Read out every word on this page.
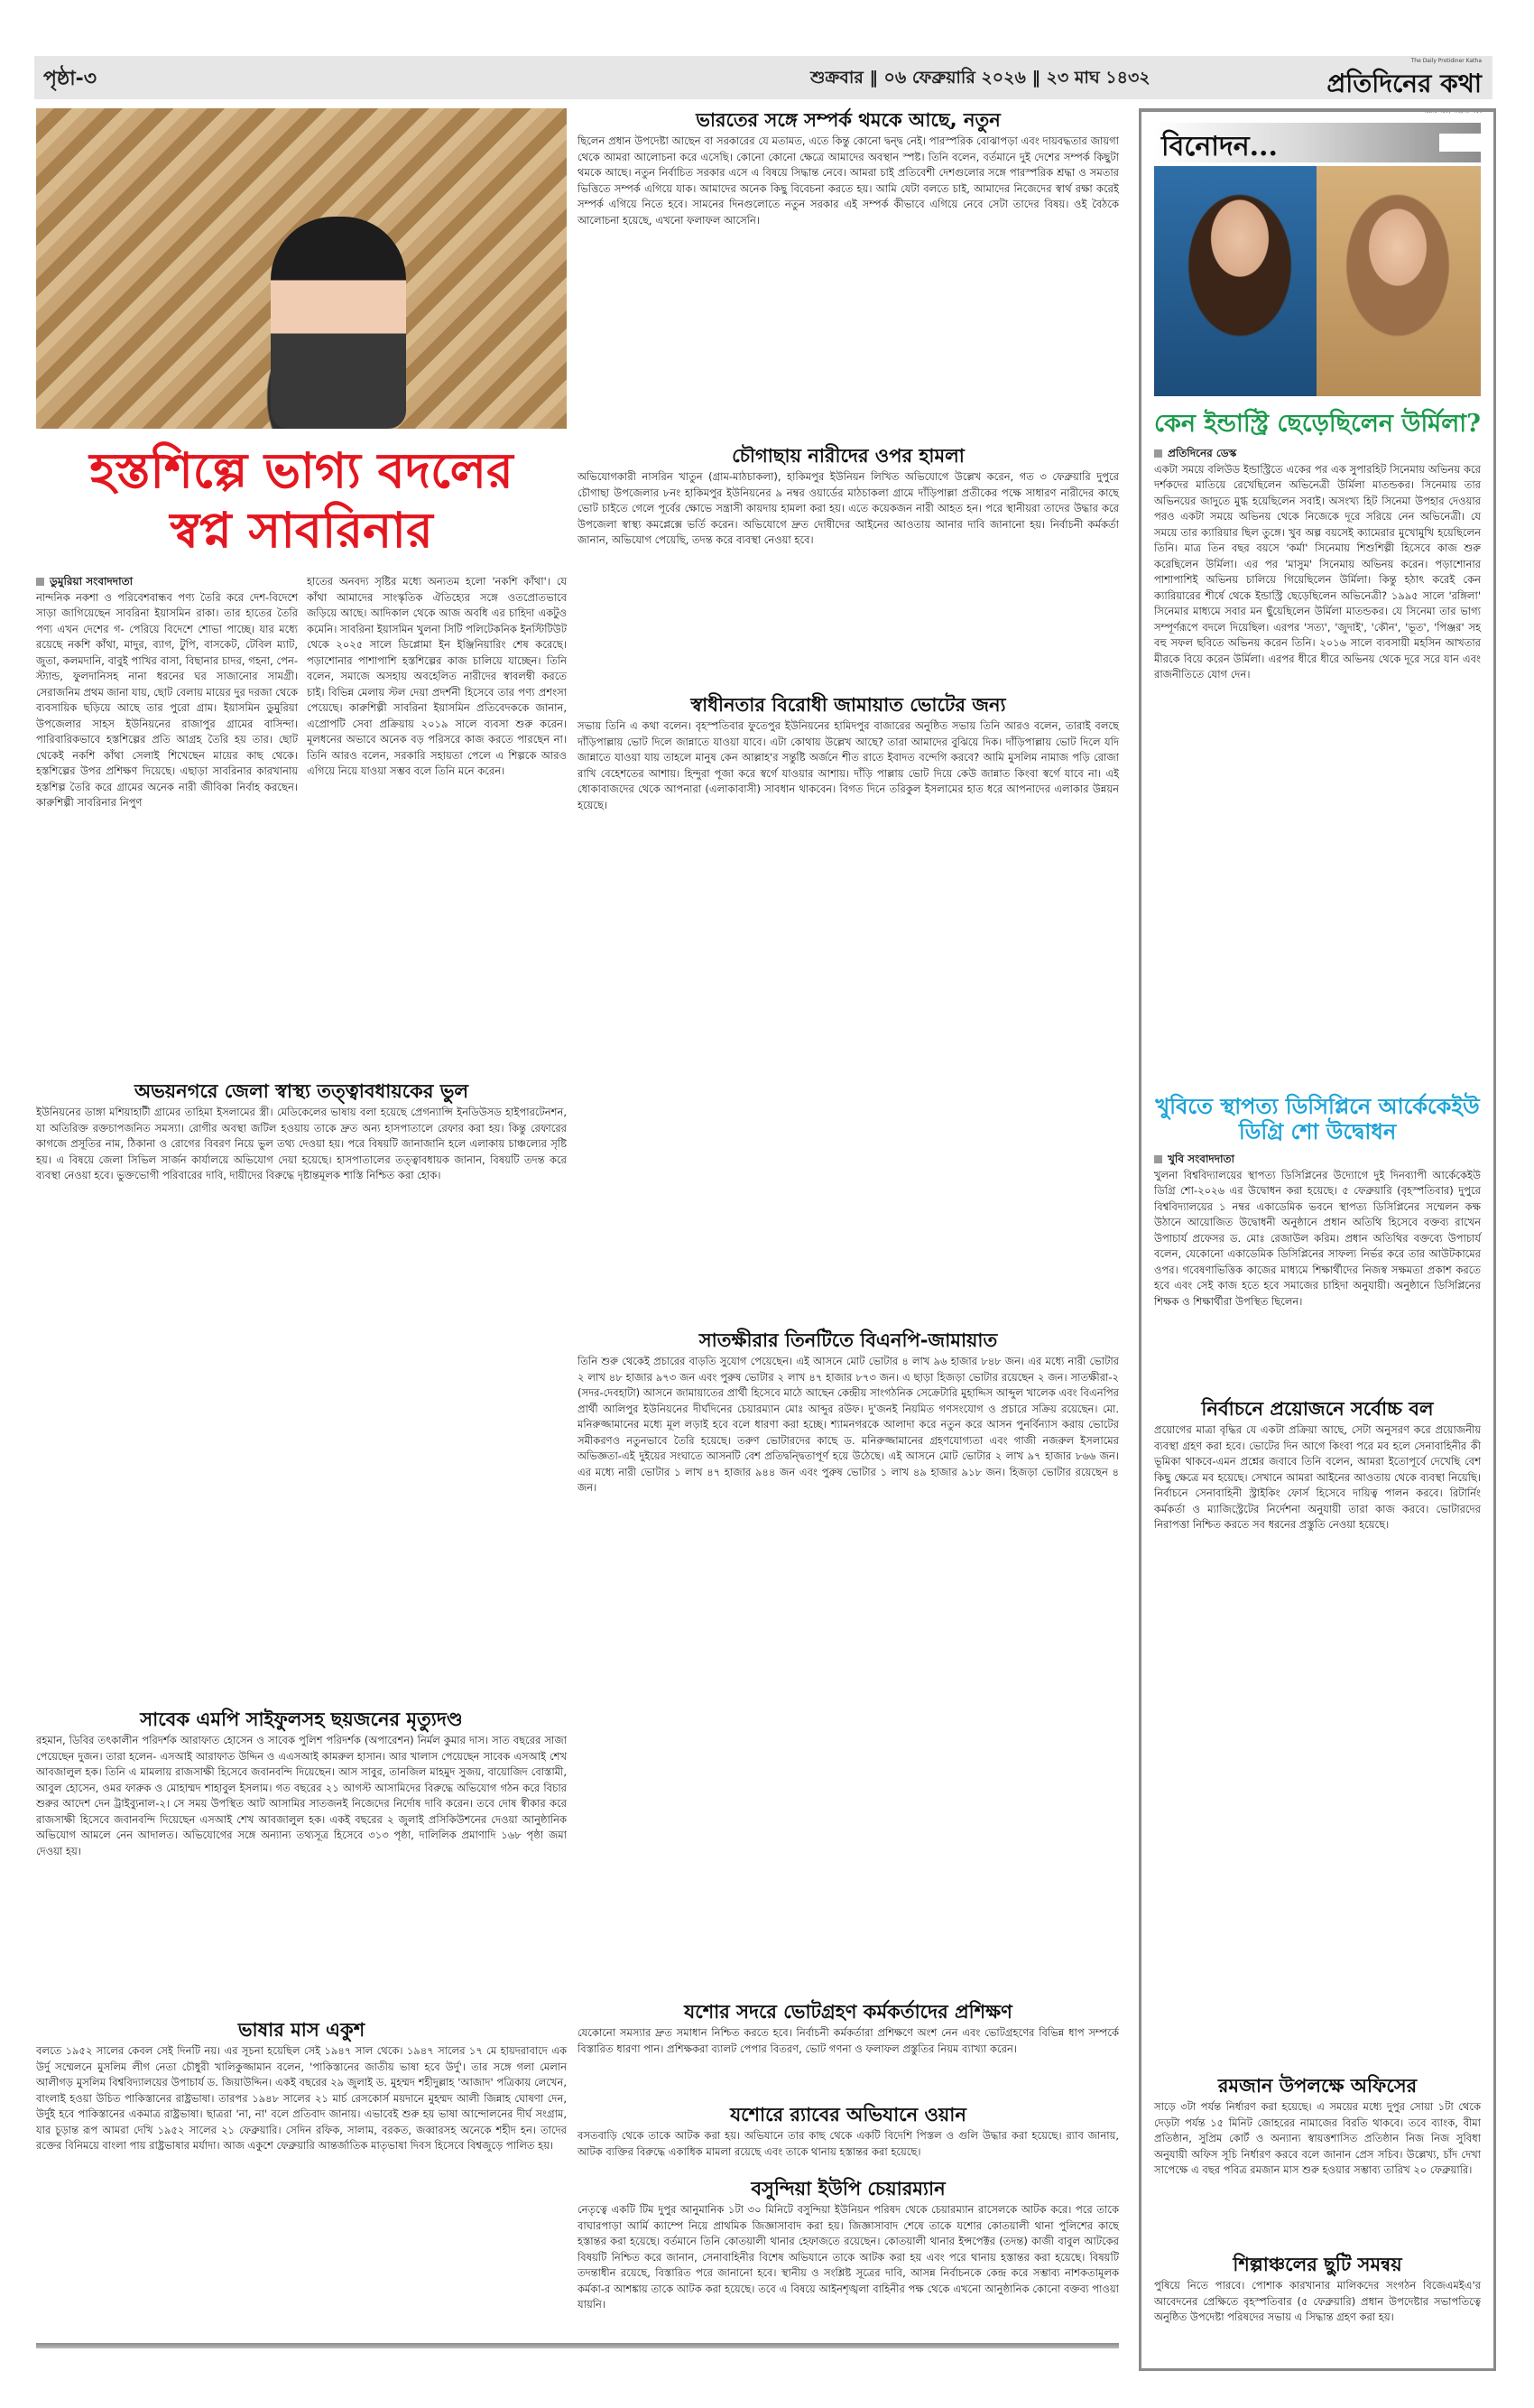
পৃষ্ঠা-৩	শুক্রবার ‖ ০৬ ফেব্রুয়ারি ২০২৬ ‖ ২৩ মাঘ ১৪৩২
The Daily Protidiner Katha
প্রতিদিনের কথা
সত্যের পক্ষে, সাহসের সাথে
হস্তশিল্পে ভাগ্য বদলের
স্বপ্ন সাবরিনার
ডুমুরিয়া সংবাদদাতা

নান্দনিক নকশা ও পরিবেশবান্ধব পণ্য তৈরি করে দেশ-বিদেশে সাড়া জাগিয়েছেন সাবরিনা ইয়াসমিন রাকা। তার হাতের তৈরি পণ্য এখন দেশের গ- পেরিয়ে বিদেশে শোভা পাচ্ছে। যার মধ্যে রয়েছে নকশি কাঁথা, মাদুর, ব্যাগ, টুপি, বাসকেট, টেবিল ম্যাট, জুতা, কলমদানি, বাবুই পাখির বাসা, বিছানার চাদর, গহনা, পেন-স্ট্যান্ড, ফুলদানিসহ নানা ধরনের ঘর সাজানোর সামগ্রী। সেরাজনিম প্রথম জানা যায়, ছোট বেলায় মায়ের দুর দরজা থেকে ব্যবসায়িক ছড়িয়ে আছে তার পুরো গ্রাম। ইয়াসমিন ডুমুরিয়া উপজেলার সাহস ইউনিয়নের রাজাপুর গ্রামের বাসিন্দা। পারিবারিকভাবে হস্তশিল্পের প্রতি আগ্রহ তৈরি হয় তার। ছোট থেকেই নকশি কাঁথা সেলাই শিখেছেন মায়ের কাছ থেকে। হস্তশিল্পের উপর প্রশিক্ষণ দিয়েছে। এছাড়া সাবরিনার কারখানায় হস্তশিল্প তৈরি করে গ্রামের অনেক নারী জীবিকা নির্বাহ করছেন। কারুশিল্পী সাবরিনার নিপুণ

হাতের অনবদ্য সৃষ্টির মধ্যে অন্যতম হলো 'নকশি কাঁথা'। যে কাঁথা আমাদের সাংস্কৃতিক ঐতিহ্যের সঙ্গে ওতপ্রোতভাবে জড়িয়ে আছে। আদিকাল থেকে আজ অবধি এর চাহিদা একটুও কমেনি। সাবরিনা ইয়াসমিন খুলনা সিটি পলিটেকনিক ইনস্টিটিউট থেকে ২০২৫ সালে ডিপ্লোমা ইন ইঞ্জিনিয়ারিং শেষ করেছে। পড়াশোনার পাশাপাশি হস্তশিল্পের কাজ চালিয়ে যাচ্ছেন। তিনি বলেন, সমাজে অসহায় অবহেলিত নারীদের স্বাবলম্বী করতে চাই। বিভিন্ন মেলায় স্টল দেয়া প্রদর্শনী হিসেবে তার পণ্য প্রশংসা পেয়েছে। কারুশিল্পী সাবরিনা ইয়াসমিন প্রতিবেদককে জানান, এপ্রোপটি সেবা প্রক্রিয়ায় ২০১৯ সালে ব্যবসা শুরু করেন। মূলধনের অভাবে অনেক বড় পরিসরে কাজ করতে পারছেন না। তিনি আরও বলেন, সরকারি সহায়তা পেলে এ শিল্পকে আরও এগিয়ে নিয়ে যাওয়া সম্ভব বলে তিনি মনে করেন।

অভয়নগরে জেলা স্বাস্থ্য তত্ত্বাবধায়কের ভুল

ইউনিয়নের ডাঙ্গা মশিয়াহাটী গ্রামের তাহিমা ইসলামের স্ত্রী। মেডিকেলের ভাষায় বলা হয়েছে প্রেগন্যান্সি ইনডিউসড হাইপারটেনশন, যা অতিরিক্ত রক্তচাপজনিত সমস্যা। রোগীর অবস্থা জটিল হওয়ায় তাকে দ্রুত অন্য হাসপাতালে রেফার করা হয়। কিন্তু রেফারের কাগজে প্রসূতির নাম, ঠিকানা ও রোগের বিবরণ নিয়ে ভুল তথ্য দেওয়া হয়। পরে বিষয়টি জানাজানি হলে এলাকায় চাঞ্চল্যের সৃষ্টি হয়। এ বিষয়ে জেলা সিভিল সার্জন কার্যালয়ে অভিযোগ দেয়া হয়েছে। হাসপাতালের তত্ত্বাবধায়ক জানান, বিষয়টি তদন্ত করে ব্যবস্থা নেওয়া হবে। ভুক্তভোগী পরিবারের দাবি, দায়ীদের বিরুদ্ধে দৃষ্টান্তমূলক শাস্তি নিশ্চিত করা হোক।

সাবেক এমপি সাইফুলসহ ছয়জনের মৃত্যুদণ্ড

রহমান, ডিবির তৎকালীন পরিদর্শক আরাফাত হোসেন ও সাবেক পুলিশ পরিদর্শক (অপারেশন) নির্মল কুমার দাস। সাত বছরের সাজা পেয়েছেন দুজন। তারা হলেন- এসআই আরাফাত উদ্দিন ও এএসআই কামরুল হাসান। আর খালাস পেয়েছেন সাবেক এসআই শেখ আবজালুল হক। তিনি এ মামলায় রাজসাক্ষী হিসেবে জবানবন্দি দিয়েছেন। আস সাবুর, তানজিল মাহমুদ সুজয়, বায়োজিদ বোস্তামী, আবুল হোসেন, ওমর ফারুক ও মোহাম্মদ শাহাবুল ইসলাম। গত বছরের ২১ আগস্ট আসামিদের বিরুদ্ধে অভিযোগ গঠন করে বিচার শুরুর আদেশ দেন ট্রাইব্যুনাল-২। সে সময় উপস্থিত আট আসামির সাতজনই নিজেদের নির্দোষ দাবি করেন। তবে দোষ স্বীকার করে রাজসাক্ষী হিসেবে জবানবন্দি দিয়েছেন এসআই শেখ আবজালুল হক। একই বছরের ২ জুলাই প্রসিকিউশনের দেওয়া আনুষ্ঠানিক অভিযোগ আমলে নেন আদালত। অভিযোগের সঙ্গে অন্যান্য তথ্যসূত্র হিসেবে ৩১৩ পৃষ্ঠা, দালিলিক প্রমাণাদি ১৬৮ পৃষ্ঠা জমা দেওয়া হয়।

ভাষার মাস একুশ

বলতে ১৯৫২ সালের কেবল সেই দিনটি নয়। এর সূচনা হয়েছিল সেই ১৯৪৭ সাল থেকে। ১৯৪৭ সালের ১৭ মে হায়দরাবাদে এক উর্দু সম্মেলনে মুসলিম লীগ নেতা চৌধুরী খালিকুজ্জামান বলেন, 'পাকিস্তানের জাতীয় ভাষা হবে উর্দু'। তার সঙ্গে গলা মেলান আলীগড় মুসলিম বিশ্ববিদ্যালয়ের উপাচার্য ড. জিয়াউদ্দিন। একই বছরের ২৯ জুলাই ড. মুহম্মদ শহীদুল্লাহ 'আজাদ' পত্রিকায় লেখেন, বাংলাই হওয়া উচিত পাকিস্তানের রাষ্ট্রভাষা। তারপর ১৯৪৮ সালের ২১ মার্চ রেসকোর্স ময়দানে মুহম্মদ আলী জিন্নাহ ঘোষণা দেন, উর্দুই হবে পাকিস্তানের একমাত্র রাষ্ট্রভাষা। ছাত্ররা 'না, না' বলে প্রতিবাদ জানায়। এভাবেই শুরু হয় ভাষা আন্দোলনের দীর্ঘ সংগ্রাম, যার চূড়ান্ত রূপ আমরা দেখি ১৯৫২ সালের ২১ ফেব্রুয়ারি। সেদিন রফিক, সালাম, বরকত, জব্বারসহ অনেকে শহীদ হন। তাদের রক্তের বিনিময়ে বাংলা পায় রাষ্ট্রভাষার মর্যাদা। আজ একুশে ফেব্রুয়ারি আন্তর্জাতিক মাতৃভাষা দিবস হিসেবে বিশ্বজুড়ে পালিত হয়।

ভারতের সঙ্গে সম্পর্ক থমকে আছে, নতুন

ছিলেন প্রধান উপদেষ্টা আছেন বা সরকারের যে মতামত, এতে কিন্তু কোনো দ্বন্দ্ব নেই। পারস্পরিক বোঝাপড়া এবং দায়বদ্ধতার জায়গা থেকে আমরা আলোচনা করে এসেছি। কোনো কোনো ক্ষেত্রে আমাদের অবস্থান স্পষ্ট। তিনি বলেন, বর্তমানে দুই দেশের সম্পর্ক কিছুটা থমকে আছে। নতুন নির্বাচিত সরকার এসে এ বিষয়ে সিদ্ধান্ত নেবে। আমরা চাই প্রতিবেশী দেশগুলোর সঙ্গে পারস্পরিক শ্রদ্ধা ও সমতার ভিত্তিতে সম্পর্ক এগিয়ে যাক। আমাদের অনেক কিছু বিবেচনা করতে হয়। আমি যেটা বলতে চাই, আমাদের নিজেদের স্বার্থ রক্ষা করেই সম্পর্ক এগিয়ে নিতে হবে। সামনের দিনগুলোতে নতুন সরকার এই সম্পর্ক কীভাবে এগিয়ে নেবে সেটা তাদের বিষয়। ওই বৈঠকে আলোচনা হয়েছে, এখনো ফলাফল আসেনি।

চৌগাছায় নারীদের ওপর হামলা

অভিযোগকারী নাসরিন খাতুন (গ্রাম-মাঠচাকলা), হাকিমপুর ইউনিয়ন লিখিত অভিযোগে উল্লেখ করেন, গত ৩ ফেব্রুয়ারি দুপুরে চৌগাছা উপজেলার ৮নং হাকিমপুর ইউনিয়নের ৯ নম্বর ওয়ার্ডের মাঠচাকলা গ্রামে দাঁড়িপাল্লা প্রতীকের পক্ষে সাধারণ নারীদের কাছে ভোট চাইতে গেলে পূর্বের ক্ষোভে সন্ত্রাসী কায়দায় হামলা করা হয়। এতে কয়েকজন নারী আহত হন। পরে স্থানীয়রা তাদের উদ্ধার করে উপজেলা স্বাস্থ্য কমপ্লেক্সে ভর্তি করেন। অভিযোগে দ্রুত দোষীদের আইনের আওতায় আনার দাবি জানানো হয়। নির্বাচনী কর্মকর্তা জানান, অভিযোগ পেয়েছি, তদন্ত করে ব্যবস্থা নেওয়া হবে।

স্বাধীনতার বিরোধী জামায়াত ভোটের জন্য

সভায় তিনি এ কথা বলেন। বৃহস্পতিবার ফুতেপুর ইউনিয়নের হামিদপুর বাজারের অনুষ্ঠিত সভায় তিনি আরও বলেন, তারাই বলছে দাঁড়িপাল্লায় ভোট দিলে জান্নাতে যাওয়া যাবে। এটা কোথায় উল্লেখ আছে? তারা আমাদের বুঝিয়ে দিক। দাঁড়িপাল্লায় ভোট দিলে যদি জান্নাতে যাওয়া যায় তাহলে মানুষ কেন আল্লাহ'র সন্তুষ্টি অর্জনে শীত রাতে ইবাদত বন্দেগি করবে? আমি মুসলিম নামাজ পড়ি রোজা রাখি বেহেশতের আশায়। হিন্দুরা পূজা করে স্বর্গে যাওয়ার আশায়। দাঁড়ি পাল্লায় ভোট দিয়ে কেউ জান্নাত কিংবা স্বর্গে যাবে না। এই ধোকাবাজদের থেকে আপনারা (এলাকাবাসী) সাবধান থাকবেন। বিগত দিনে তরিকুল ইসলামের হাত ধরে আপনাদের এলাকার উন্নয়ন হয়েছে।

সাতক্ষীরার তিনটিতে বিএনপি-জামায়াত

তিনি শুরু থেকেই প্রচারের বাড়তি সুযোগ পেয়েছেন। এই আসনে মোট ভোটার ৪ লাখ ৯৬ হাজার ৮৪৮ জন। এর মধ্যে নারী ভোটার ২ লাখ ৪৮ হাজার ৯৭৩ জন এবং পুরুষ ভোটার ২ লাখ ৪৭ হাজার ৮৭৩ জন। এ ছাড়া হিজড়া ভোটার রয়েছেন ২ জন। সাতক্ষীরা-২ (সদর-দেবহাটা) আসনে জামায়াতের প্রার্থী হিসেবে মাঠে আছেন কেন্দ্রীয় সাংগঠনিক সেক্রেটারি মুহাদ্দিস আব্দুল খালেক এবং বিএনপির প্রার্থী আলিপুর ইউনিয়নের দীর্ঘদিনের চেয়ারম্যান মোঃ আব্দুর রউফ। দু'জনই নিয়মিত গণসংযোগ ও প্রচারে সক্রিয় রয়েছেন। মো. মনিরুজ্জামানের মধ্যে মূল লড়াই হবে বলে ধারণা করা হচ্ছে। শ্যামনগরকে আলাদা করে নতুন করে আসন পুনর্বিন্যাস করায় ভোটের সমীকরণও নতুনভাবে তৈরি হয়েছে। তরুণ ভোটারদের কাছে ড. মনিরুজ্জামানের গ্রহণযোগ্যতা এবং গাজী নজরুল ইসলামের অভিজ্ঞতা-এই দুইয়ের সংঘাতে আসনটি বেশ প্রতিদ্বন্দ্বিতাপূর্ণ হয়ে উঠেছে। এই আসনে মোট ভোটার ২ লাখ ৯৭ হাজার ৮৬৬ জন। এর মধ্যে নারী ভোটার ১ লাখ ৪৭ হাজার ৯৪৪ জন এবং পুরুষ ভোটার ১ লাখ ৪৯ হাজার ৯১৮ জন। হিজড়া ভোটার রয়েছেন ৪ জন।

যশোর সদরে ভোটগ্রহণ কর্মকর্তাদের প্রশিক্ষণ

যেকোনো সমস্যার দ্রুত সমাধান নিশ্চিত করতে হবে। নির্বাচনী কর্মকর্তারা প্রশিক্ষণে অংশ নেন এবং ভোটগ্রহণের বিভিন্ন ধাপ সম্পর্কে বিস্তারিত ধারণা পান। প্রশিক্ষকরা ব্যালট পেপার বিতরণ, ভোট গণনা ও ফলাফল প্রস্তুতির নিয়ম ব্যাখ্যা করেন।

যশোরে র‍্যাবের অভিযানে ওয়ান

বসতবাড়ি থেকে তাকে আটক করা হয়। অভিযানে তার কাছ থেকে একটি বিদেশি পিস্তল ও গুলি উদ্ধার করা হয়েছে। র‍্যাব জানায়, আটক ব্যক্তির বিরুদ্ধে একাধিক মামলা রয়েছে এবং তাকে থানায় হস্তান্তর করা হয়েছে।

বসুন্দিয়া ইউপি চেয়ারম্যান

নেতৃত্বে একটি টিম দুপুর আনুমানিক ১টা ৩০ মিনিটে বসুন্দিয়া ইউনিয়ন পরিষদ থেকে চেয়ারম্যান রাসেলকে আটক করে। পরে তাকে বাঘারপাড়া আর্মি ক্যাম্পে নিয়ে প্রাথমিক জিজ্ঞাসাবাদ করা হয়। জিজ্ঞাসাবাদ শেষে তাকে যশোর কোতয়ালী থানা পুলিশের কাছে হস্তান্তর করা হয়েছে। বর্তমানে তিনি কোতয়ালী থানার হেফাজতে রয়েছেন। কোতয়ালী থানার ইন্সপেক্টর (তদন্ত) কাজী বাবুল আটকের বিষয়টি নিশ্চিত করে জানান, সেনাবাহিনীর বিশেষ অভিযানে তাকে আটক করা হয় এবং পরে থানায় হস্তান্তর করা হয়েছে। বিষয়টি তদন্তাধীন রয়েছে, বিস্তারিত পরে জানানো হবে। স্থানীয় ও সংশ্লিষ্ট সূত্রের দাবি, আসন্ন নির্বাচনকে কেন্দ্র করে সম্ভাব্য নাশকতামূলক কর্মকা-র আশঙ্কায় তাকে আটক করা হয়েছে। তবে এ বিষয়ে আইনশৃঙ্খলা বাহিনীর পক্ষ থেকে এখনো আনুষ্ঠানিক কোনো বক্তব্য পাওয়া যায়নি।

বিনোদন...
কেন ইন্ডাস্ট্রি ছেড়েছিলেন উর্মিলা?
প্রতিদিনের ডেস্ক

একটা সময়ে বলিউড ইন্ডাস্ট্রিতে একের পর এক সুপারহিট সিনেমায় অভিনয় করে দর্শকদের মাতিয়ে রেখেছিলেন অভিনেত্রী উর্মিলা মাতন্ডকর। সিনেমায় তার অভিনয়ের জাদুতে মুগ্ধ হয়েছিলেন সবাই। অসংখ্য হিট সিনেমা উপহার দেওয়ার পরও একটা সময়ে অভিনয় থেকে নিজেকে দূরে সরিয়ে নেন অভিনেত্রী। যে সময়ে তার ক্যারিয়ার ছিল তুঙ্গে। খুব অল্প বয়সেই ক্যামেরার মুখোমুখি হয়েছিলেন তিনি। মাত্র তিন বছর বয়সে 'কর্মা' সিনেমায় শিশুশিল্পী হিসেবে কাজ শুরু করেছিলেন উর্মিলা। এর পর 'মাসুম' সিনেমায় অভিনয় করেন। পড়াশোনার পাশাপাশিই অভিনয় চালিয়ে গিয়েছিলেন উর্মিলা। কিন্তু হঠাৎ করেই কেন ক্যারিয়ারের শীর্ষে থেকে ইন্ডাস্ট্রি ছেড়েছিলেন অভিনেত্রী? ১৯৯৫ সালে 'রঙ্গিলা' সিনেমার মাধ্যমে সবার মন ছুঁয়েছিলেন উর্মিলা মাতন্ডকর। যে সিনেমা তার ভাগ্য সম্পূর্ণরূপে বদলে দিয়েছিল। এরপর 'সত্য', 'জুদাই', 'কৌন', 'ভূত', 'পিঞ্জর' সহ বহু সফল ছবিতে অভিনয় করেন তিনি। ২০১৬ সালে ব্যবসায়ী মহসিন আখতার মীরকে বিয়ে করেন উর্মিলা। এরপর ধীরে ধীরে অভিনয় থেকে দূরে সরে যান এবং রাজনীতিতে যোগ দেন।

খুবিতে স্থাপত্য ডিসিপ্লিনে আর্কেকেইউ ডিগ্রি শো উদ্বোধন
খুবি সংবাদদাতা

খুলনা বিশ্ববিদ্যালয়ের স্থাপত্য ডিসিপ্লিনের উদ্যোগে দুই দিনব্যাপী আর্কেকেইউ ডিগ্রি শো-২০২৬ এর উদ্বোধন করা হয়েছে। ৫ ফেব্রুয়ারি (বৃহস্পতিবার) দুপুরে বিশ্ববিদ্যালয়ের ১ নম্বর একাডেমিক ভবনে স্থাপত্য ডিসিপ্লিনের সম্মেলন কক্ষ উঠানে আয়োজিত উদ্বোধনী অনুষ্ঠানে প্রধান অতিথি হিসেবে বক্তব্য রাখেন উপাচার্য প্রফেসর ড. মোঃ রেজাউল করিম। প্রধান অতিথির বক্তব্যে উপাচার্য বলেন, যেকোনো একাডেমিক ডিসিপ্লিনের সাফল্য নির্ভর করে তার আউটকামের ওপর। গবেষণাভিত্তিক কাজের মাধ্যমে শিক্ষার্থীদের নিজস্ব সক্ষমতা প্রকাশ করতে হবে এবং সেই কাজ হতে হবে সমাজের চাহিদা অনুযায়ী। অনুষ্ঠানে ডিসিপ্লিনের শিক্ষক ও শিক্ষার্থীরা উপস্থিত ছিলেন।

নির্বাচনে প্রয়োজনে সর্বোচ্চ বল

প্রয়োগের মাত্রা বৃদ্ধির যে একটা প্রক্রিয়া আছে, সেটা অনুসরণ করে প্রয়োজনীয় ব্যবস্থা গ্রহণ করা হবে। ভোটের দিন আগে কিংবা পরে মব হলে সেনাবাহিনীর কী ভূমিকা থাকবে-এমন প্রশ্নের জবাবে তিনি বলেন, আমরা ইতোপূর্বে দেখেছি বেশ কিছু ক্ষেত্রে মব হয়েছে। সেখানে আমরা আইনের আওতায় থেকে ব্যবস্থা নিয়েছি। নির্বাচনে সেনাবাহিনী স্ট্রাইকিং ফোর্স হিসেবে দায়িত্ব পালন করবে। রিটার্নিং কর্মকর্তা ও ম্যাজিস্ট্রেটের নির্দেশনা অনুযায়ী তারা কাজ করবে। ভোটারদের নিরাপত্তা নিশ্চিত করতে সব ধরনের প্রস্তুতি নেওয়া হয়েছে।

রমজান উপলক্ষে অফিসের

সাড়ে ৩টা পর্যন্ত নির্ধারণ করা হয়েছে। এ সময়ের মধ্যে দুপুর সোয়া ১টা থেকে দেড়টা পর্যন্ত ১৫ মিনিট জোহরের নামাজের বিরতি থাকবে। তবে ব্যাংক, বীমা প্রতিষ্ঠান, সুপ্রিম কোর্ট ও অন্যান্য স্বায়ত্তশাসিত প্রতিষ্ঠান নিজ নিজ সুবিধা অনুযায়ী অফিস সূচি নির্ধারণ করবে বলে জানান প্রেস সচিব। উল্লেখ্য, চাঁদ দেখা সাপেক্ষে এ বছর পবিত্র রমজান মাস শুরু হওয়ার সম্ভাব্য তারিখ ২০ ফেব্রুয়ারি।

শিল্পাঞ্চলের ছুটি সমন্বয়

পুষিয়ে নিতে পারবে। পোশাক কারখানার মালিকদের সংগঠন বিজেএমইএ'র আবেদনের প্রেক্ষিতে বৃহস্পতিবার (৫ ফেব্রুয়ারি) প্রধান উপদেষ্টার সভাপতিত্বে অনুষ্ঠিত উপদেষ্টা পরিষদের সভায় এ সিদ্ধান্ত গ্রহণ করা হয়।
